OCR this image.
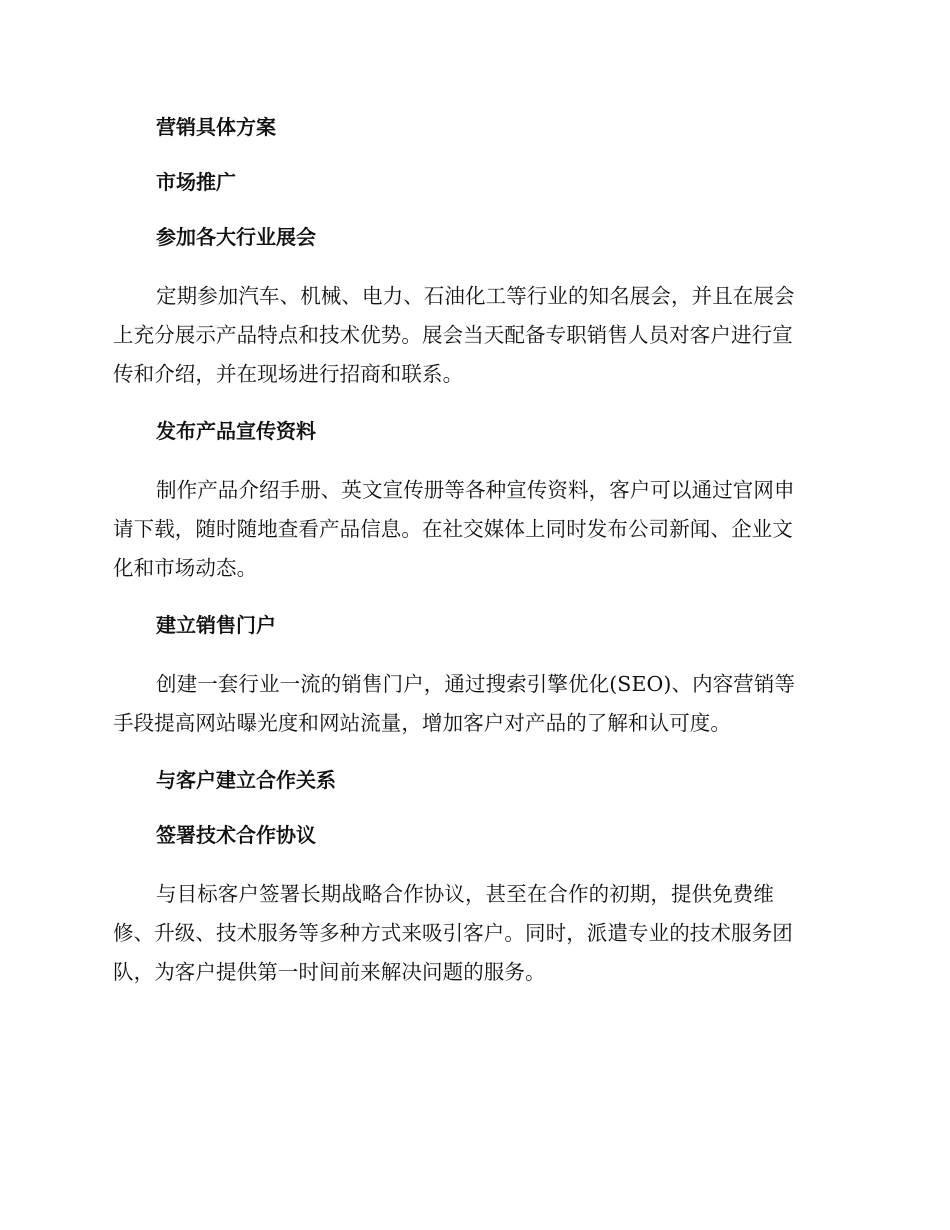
营销具体方案
市场推广
参加各大行业展会
定期参加汽车、机械、电力、石油化工等行业的知名展会，并且在展会
上充分展示产品特点和技术优势。展会当天配备专职销售人员对客户进行宣
传和介绍，并在现场进行招商和联系。
发布产品宣传资料
制作产品介绍手册、英文宣传册等各种宣传资料，客户可以通过官网申
请下载，随时随地查看产品信息。在社交媒体上同时发布公司新闻、企业文
化和市场动态。
建立销售门户
创建一套行业一流的销售门户，通过搜索引擎优化(SEO)、内容营销等
手段提高网站曝光度和网站流量，增加客户对产品的了解和认可度。
与客户建立合作关系
签署技术合作协议
与目标客户签署长期战略合作协议，甚至在合作的初期，提供免费维
修、升级、技术服务等多种方式来吸引客户。同时，派遣专业的技术服务团
队，为客户提供第一时间前来解决问题的服务。
